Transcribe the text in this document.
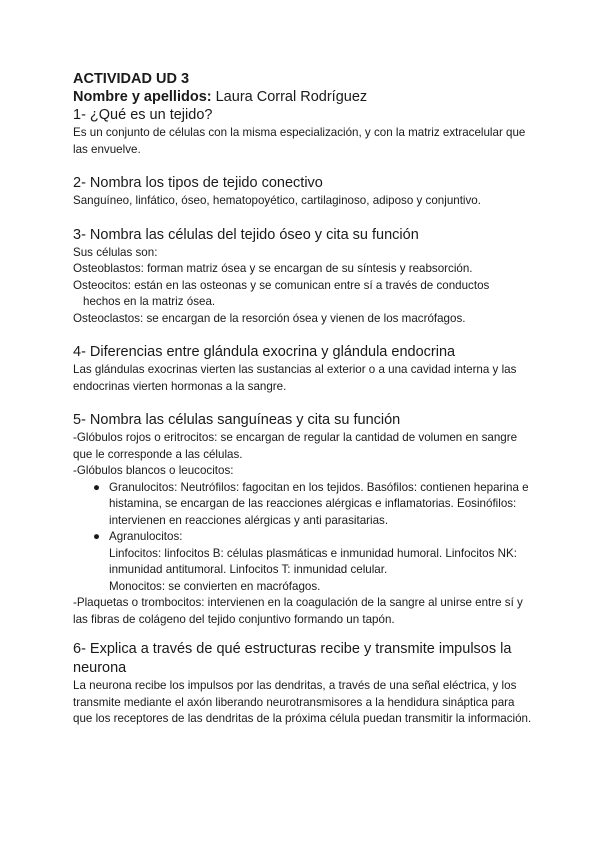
ACTIVIDAD UD 3

Nombre y apellidos: Laura Corral Rodríguez

1- ¿Qué es un tejido?

Es un conjunto de células con la misma especialización, y con la matriz extracelular que las envuelve.

2- Nombra los tipos de tejido conectivo

Sanguíneo, linfático, óseo, hematopoyético, cartilaginoso, adiposo y conjuntivo.

3- Nombra las células del tejido óseo y cita su función

Sus células son:

Osteoblastos: forman matriz ósea y se encargan de su síntesis y reabsorción.

Osteocitos: están en las osteonas y se comunican entre sí a través de conductos

hechos en la matriz ósea.

Osteoclastos: se encargan de la resorción ósea y vienen de los macrófagos.

4- Diferencias entre glándula exocrina y glándula endocrina

Las glándulas exocrinas vierten las sustancias al exterior o a una cavidad interna y las endocrinas vierten hormonas a la sangre.

5- Nombra las células sanguíneas y cita su función

-Glóbulos rojos o eritrocitos: se encargan de regular la cantidad de volumen en sangre que le corresponde a las células.

-Glóbulos blancos o leucocitos:

● Granulocitos: Neutrófilos: fagocitan en los tejidos. Basófilos: contienen heparina e histamina, se encargan de las reacciones alérgicas e inflamatorias. Eosinófilos: intervienen en reacciones alérgicas y anti parasitarias.
● Agranulocitos:
Linfocitos: linfocitos B: células plasmáticas e inmunidad humoral. Linfocitos NK: inmunidad antitumoral. Linfocitos T: inmunidad celular.
Monocitos: se convierten en macrófagos.

-Plaquetas o trombocitos: intervienen en la coagulación de la sangre al unirse entre sí y las fibras de colágeno del tejido conjuntivo formando un tapón.

6- Explica a través de qué estructuras recibe y transmite impulsos la neurona

La neurona recibe los impulsos por las dendritas, a través de una señal eléctrica, y los transmite mediante el axón liberando neurotransmisores a la hendidura sináptica para que los receptores de las dendritas de la próxima célula puedan transmitir la información.
